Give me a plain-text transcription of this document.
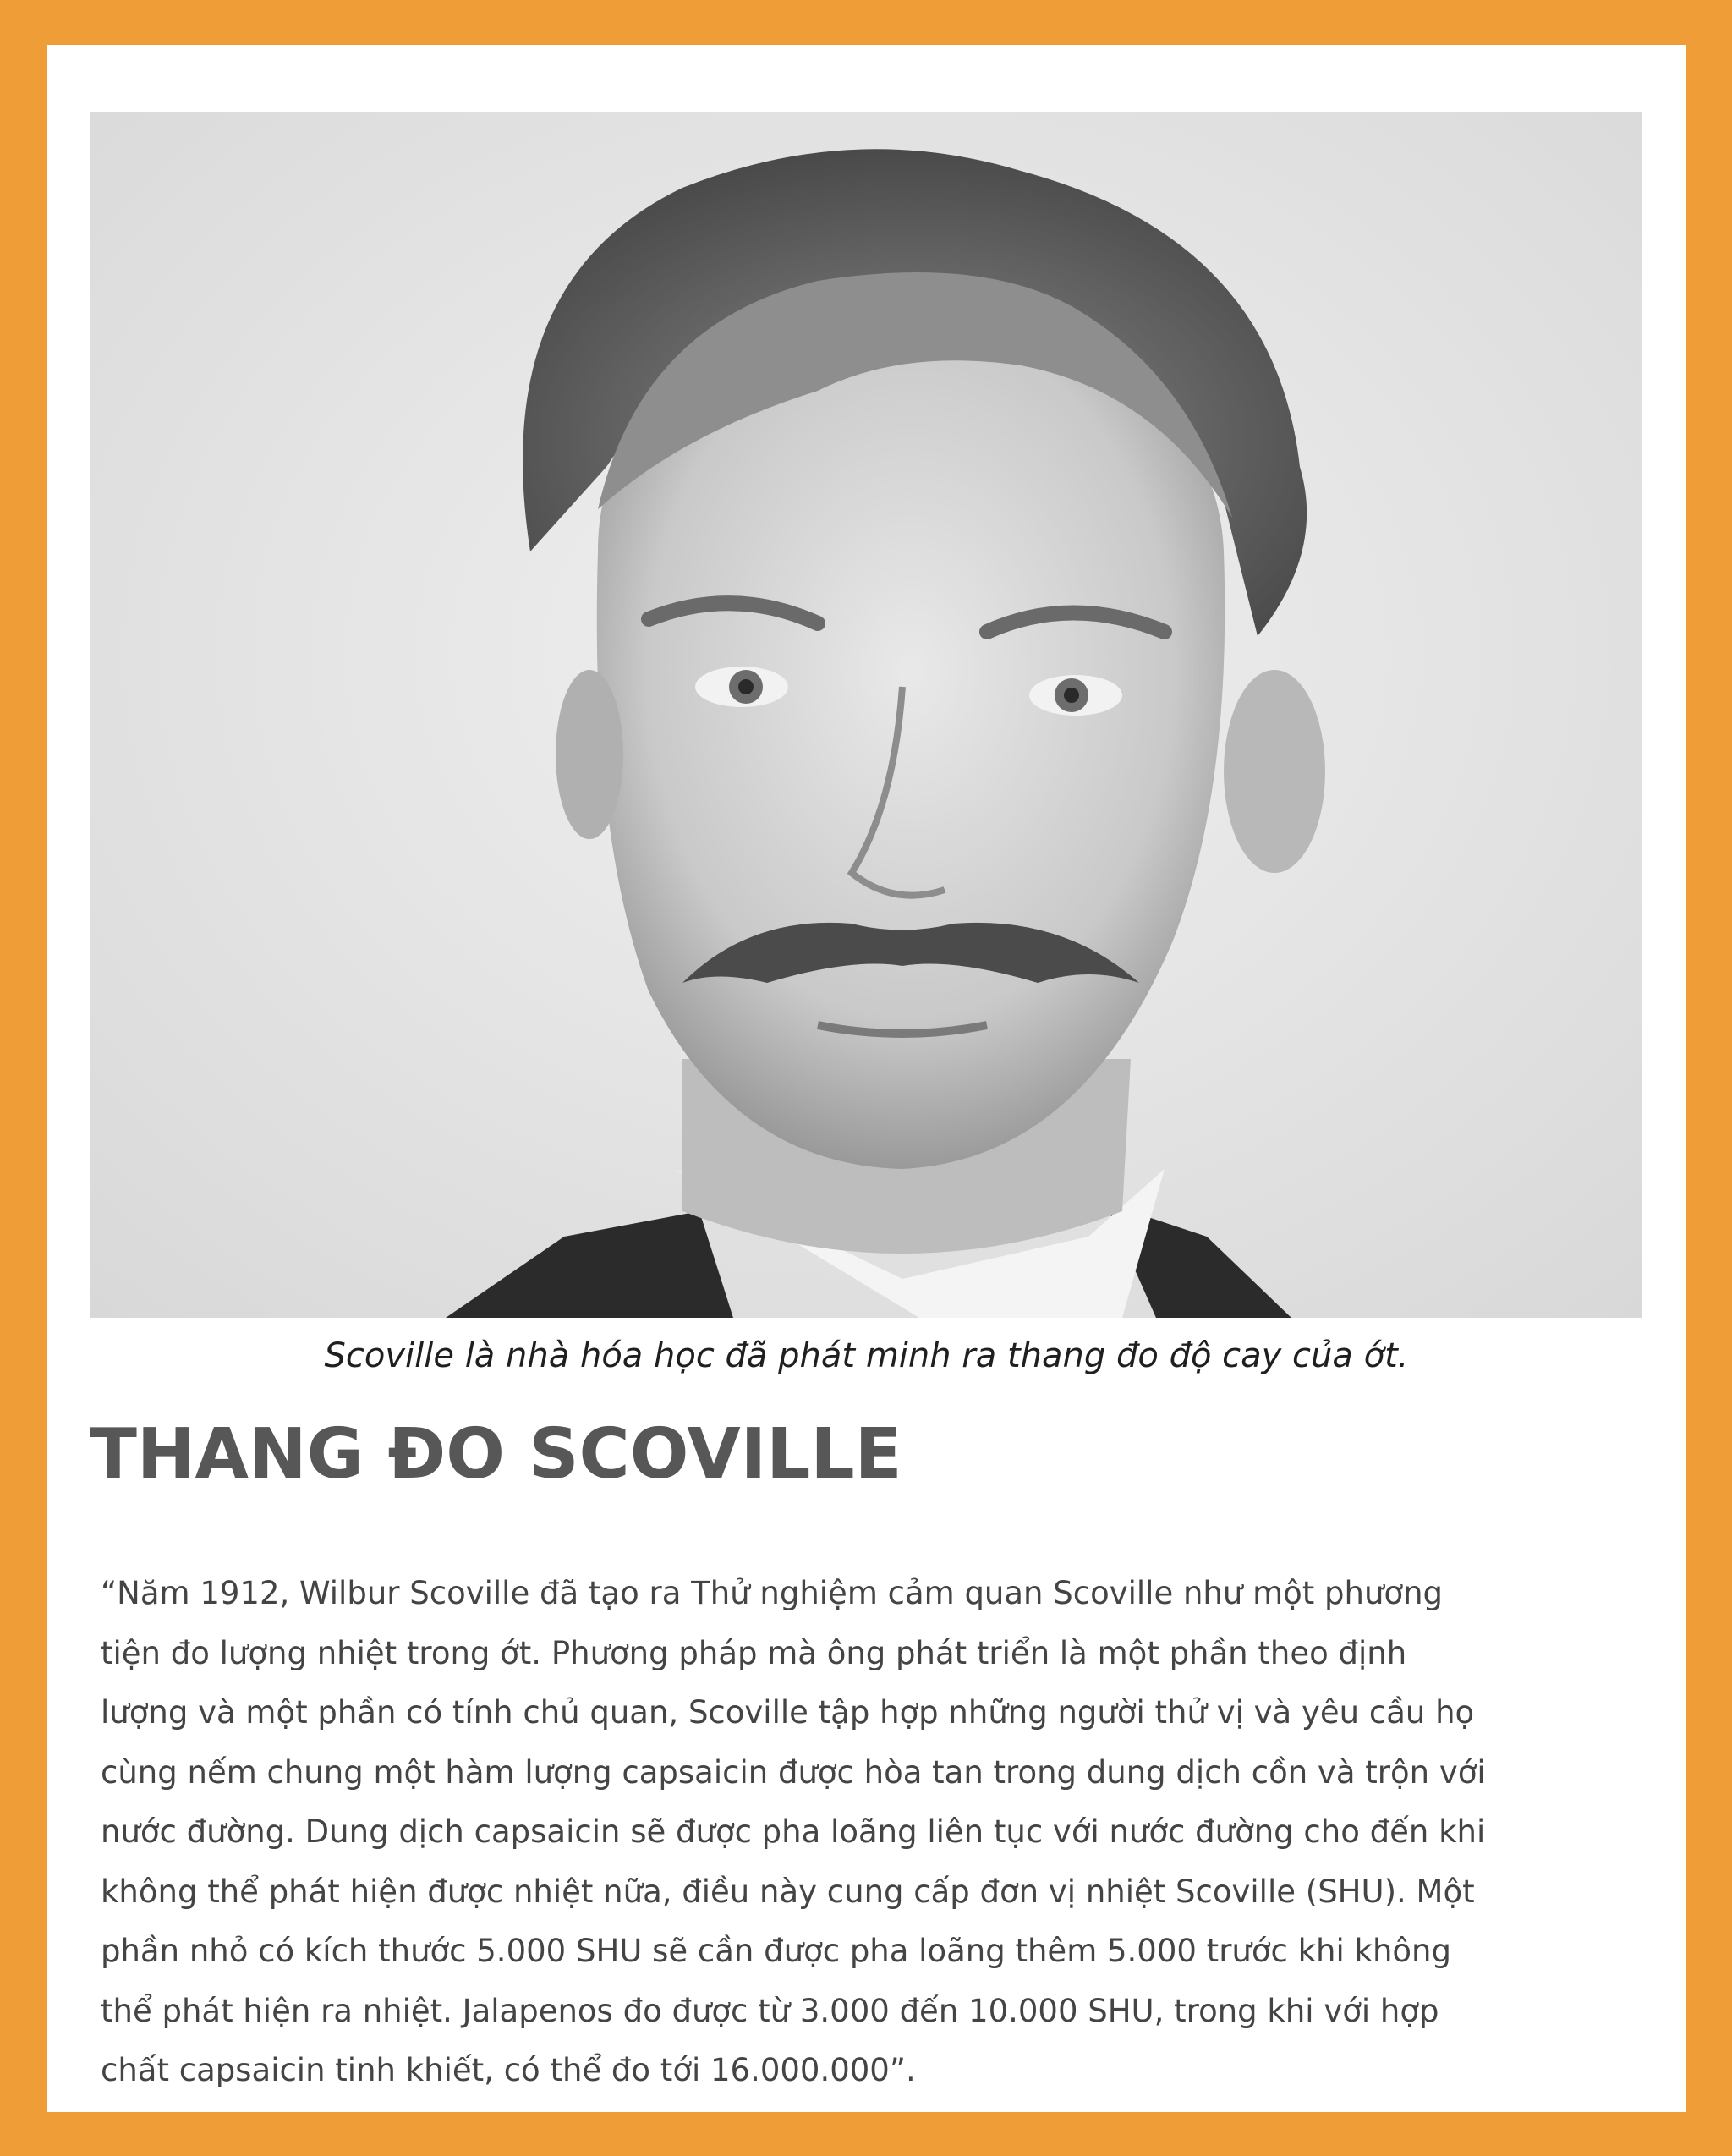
Scoville là nhà hóa học đã phát minh ra thang đo độ cay của ớt.
THANG ĐO SCOVILLE

“Năm 1912, Wilbur Scoville đã tạo ra Thử nghiệm cảm quan Scoville như một phương
tiện đo lượng nhiệt trong ớt. Phương pháp mà ông phát triển là một phần theo định
lượng và một phần có tính chủ quan, Scoville tập hợp những người thử vị và yêu cầu họ
cùng nếm chung một hàm lượng capsaicin được hòa tan trong dung dịch cồn và trộn với
nước đường. Dung dịch capsaicin sẽ được pha loãng liên tục với nước đường cho đến khi
không thể phát hiện được nhiệt nữa, điều này cung cấp đơn vị nhiệt Scoville (SHU). Một
phần nhỏ có kích thước 5.000 SHU sẽ cần được pha loãng thêm 5.000 trước khi không
thể phát hiện ra nhiệt. Jalapenos đo được từ 3.000 đến 10.000 SHU, trong khi với hợp
chất capsaicin tinh khiết, có thể đo tới 16.000.000”.
